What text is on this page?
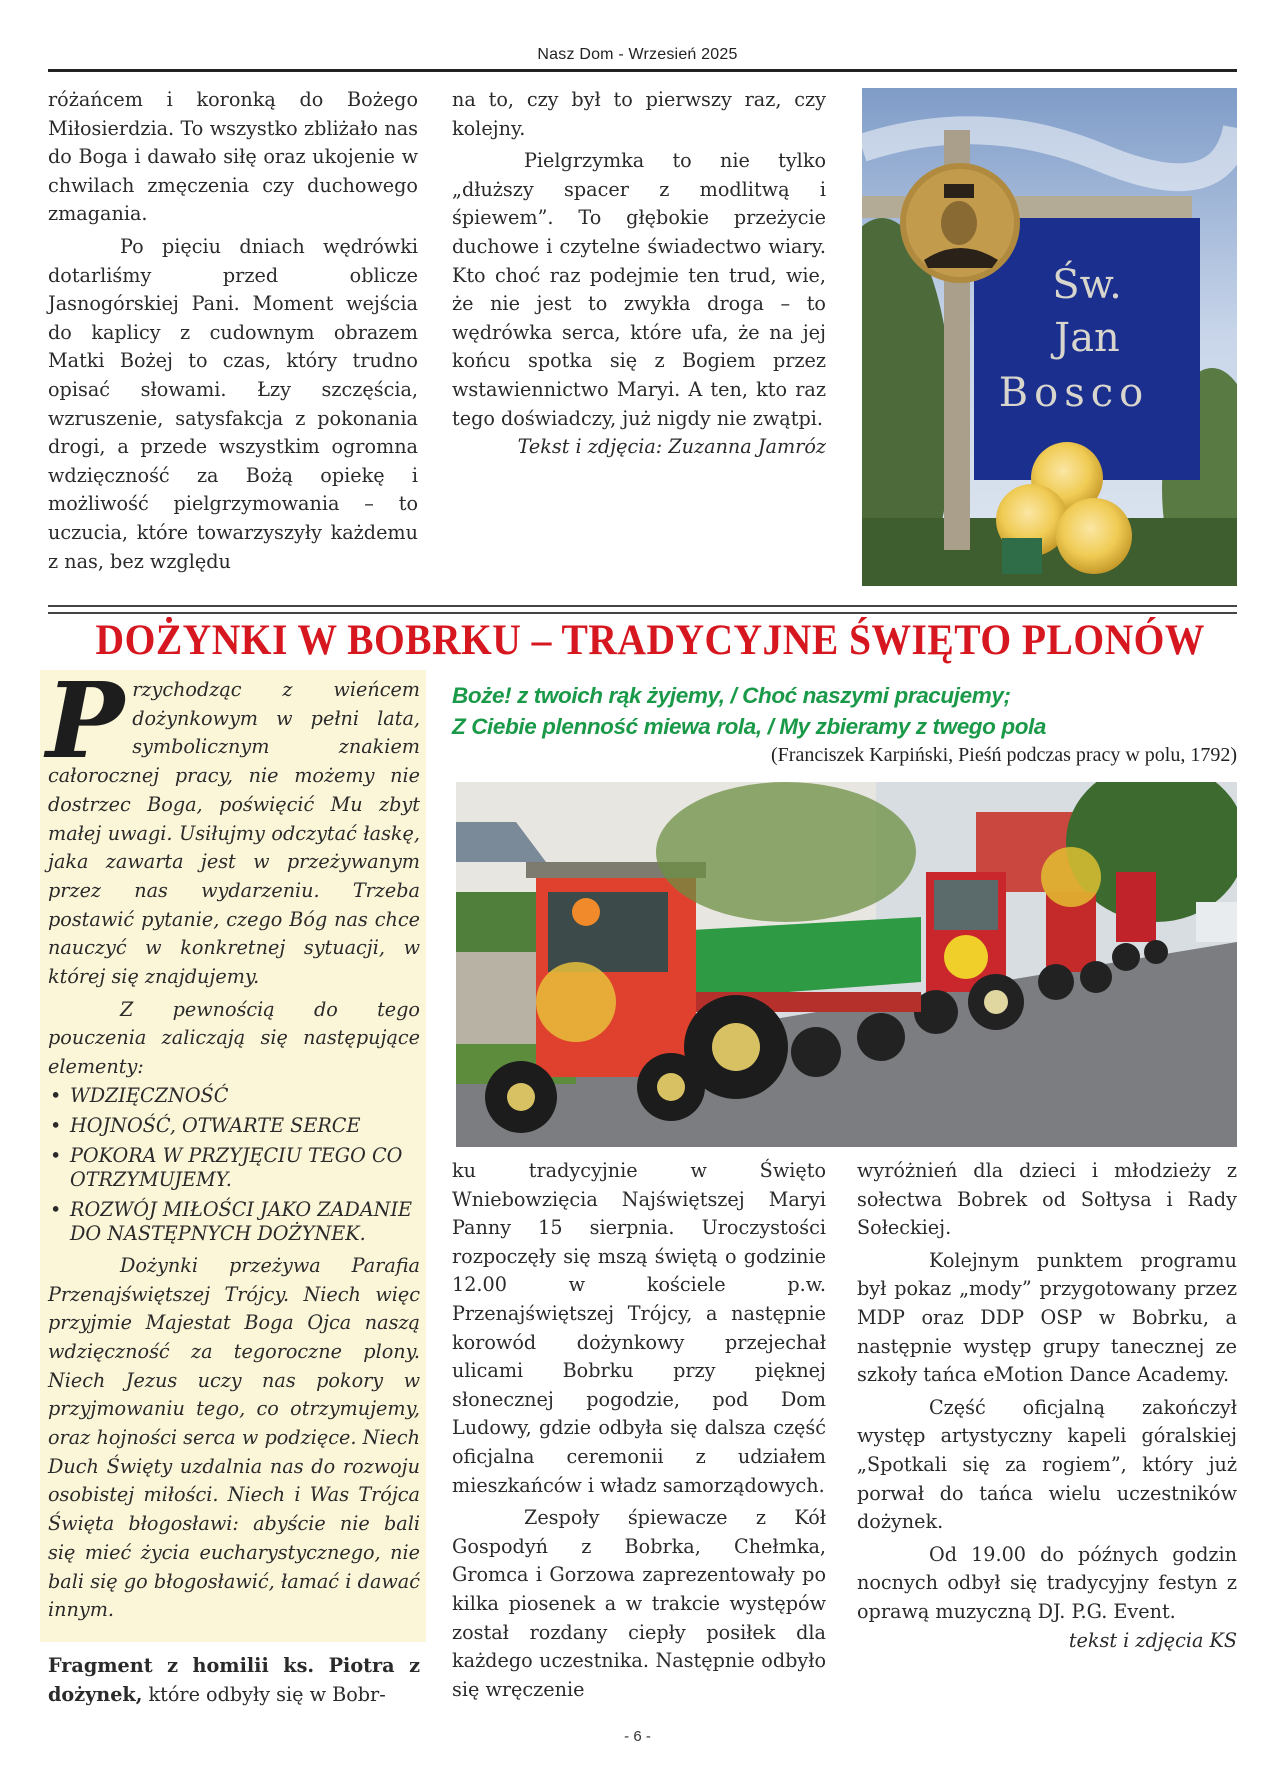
Nasz Dom - Wrzesień 2025

różańcem i koronką do Bożego Miłosierdzia. To wszystko zbliżało nas do Boga i dawało siłę oraz ukojenie w chwilach zmęczenia czy duchowego zmagania.

Po pięciu dniach wędrówki dotarliśmy przed oblicze Jasnogórskiej Pani. Moment wejścia do kaplicy z cudownym obrazem Matki Bożej to czas, który trudno opisać słowami. Łzy szczęścia, wzruszenie, satysfakcja z pokonania drogi, a przede wszystkim ogromna wdzięczność za Bożą opiekę i możliwość pielgrzymowania – to uczucia, które towarzyszyły każdemu z nas, bez względu

na to, czy był to pierwszy raz, czy kolejny.

Pielgrzymka to nie tylko „dłuższy spacer z modlitwą i śpiewem”. To głębokie przeżycie duchowe i czytelne świadectwo wiary. Kto choć raz podejmie ten trud, wie, że nie jest to zwykła droga – to wędrówka serca, które ufa, że na jej końcu spotka się z Bogiem przez wstawiennictwo Maryi. A ten, kto raz tego doświadczy, już nigdy nie zwątpi.

Tekst i zdjęcia: Zuzanna Jamróz

Św.
Jan
Bosco
DOŻYNKI W BOBRKU – TRADYCYJNE ŚWIĘTO PLONÓW

Przychodząc z wieńcem dożynkowym w pełni lata, symbolicznym znakiem całorocznej pracy, nie możemy nie dostrzec Boga, poświęcić Mu zbyt małej uwagi. Usiłujmy odczytać łaskę, jaka zawarta jest w przeżywanym przez nas wydarzeniu. Trzeba postawić pytanie, czego Bóg nas chce nauczyć w konkretnej sytuacji, w której się znajdujemy.

Z pewnością do tego pouczenia zaliczają się następujące elementy:

• WDZIĘCZNOŚĆ
• HOJNOŚĆ, OTWARTE SERCE
• POKORA W PRZYJĘCIU TEGO CO OTRZYMUJEMY.
• ROZWÓJ MIŁOŚCI JAKO ZADANIE DO NASTĘPNYCH DOŻYNEK.

Dożynki przeżywa Parafia Przenajświętszej Trójcy. Niech więc przyjmie Majestat Boga Ojca naszą wdzięczność za tegoroczne plony. Niech Jezus uczy nas pokory w przyjmowaniu tego, co otrzymujemy, oraz hojności serca w podzięce. Niech Duch Święty uzdalnia nas do rozwoju osobistej miłości. Niech i Was Trójca Święta błogosławi: abyście nie bali się mieć życia eucharystycznego, nie bali się go błogosławić, łamać i dawać innym.

Fragment z homilii ks. Piotra z dożynek, które odbyły się w Bobr-

Boże! z twoich rąk żyjemy, / Choć naszymi pracujemy;
Z Ciebie plenność miewa rola, / My zbieramy z twego pola
(Franciszek Karpiński, Pieśń podczas pracy w polu, 1792)

ku tradycyjnie w Święto Wniebowzięcia Najświętszej Maryi Panny 15 sierpnia. Uroczystości rozpoczęły się mszą świętą o godzinie 12.00 w kościele p.w. Przenajświętszej Trójcy, a następnie korowód dożynkowy przejechał ulicami Bobrku przy pięknej słonecznej pogodzie, pod Dom Ludowy, gdzie odbyła się dalsza część oficjalna ceremonii z udziałem mieszkańców i władz samorządowych.

Zespoły śpiewacze z Kół Gospodyń z Bobrka, Chełmka, Gromca i Gorzowa zaprezentowały po kilka piosenek a w trakcie występów został rozdany ciepły posiłek dla każdego uczestnika. Następnie odbyło się wręczenie

wyróżnień dla dzieci i młodzieży z sołectwa Bobrek od Sołtysa i Rady Sołeckiej.

Kolejnym punktem programu był pokaz „mody” przygotowany przez MDP oraz DDP OSP w Bobrku, a następnie występ grupy tanecznej ze szkoły tańca eMotion Dance Academy.

Część oficjalną zakończył występ artystyczny kapeli góralskiej „Spotkali się za rogiem”, który już porwał do tańca wielu uczestników dożynek.

Od 19.00 do późnych godzin nocnych odbył się tradycyjny festyn z oprawą muzyczną DJ. P.G. Event.

tekst i zdjęcia KS

- 6 -
